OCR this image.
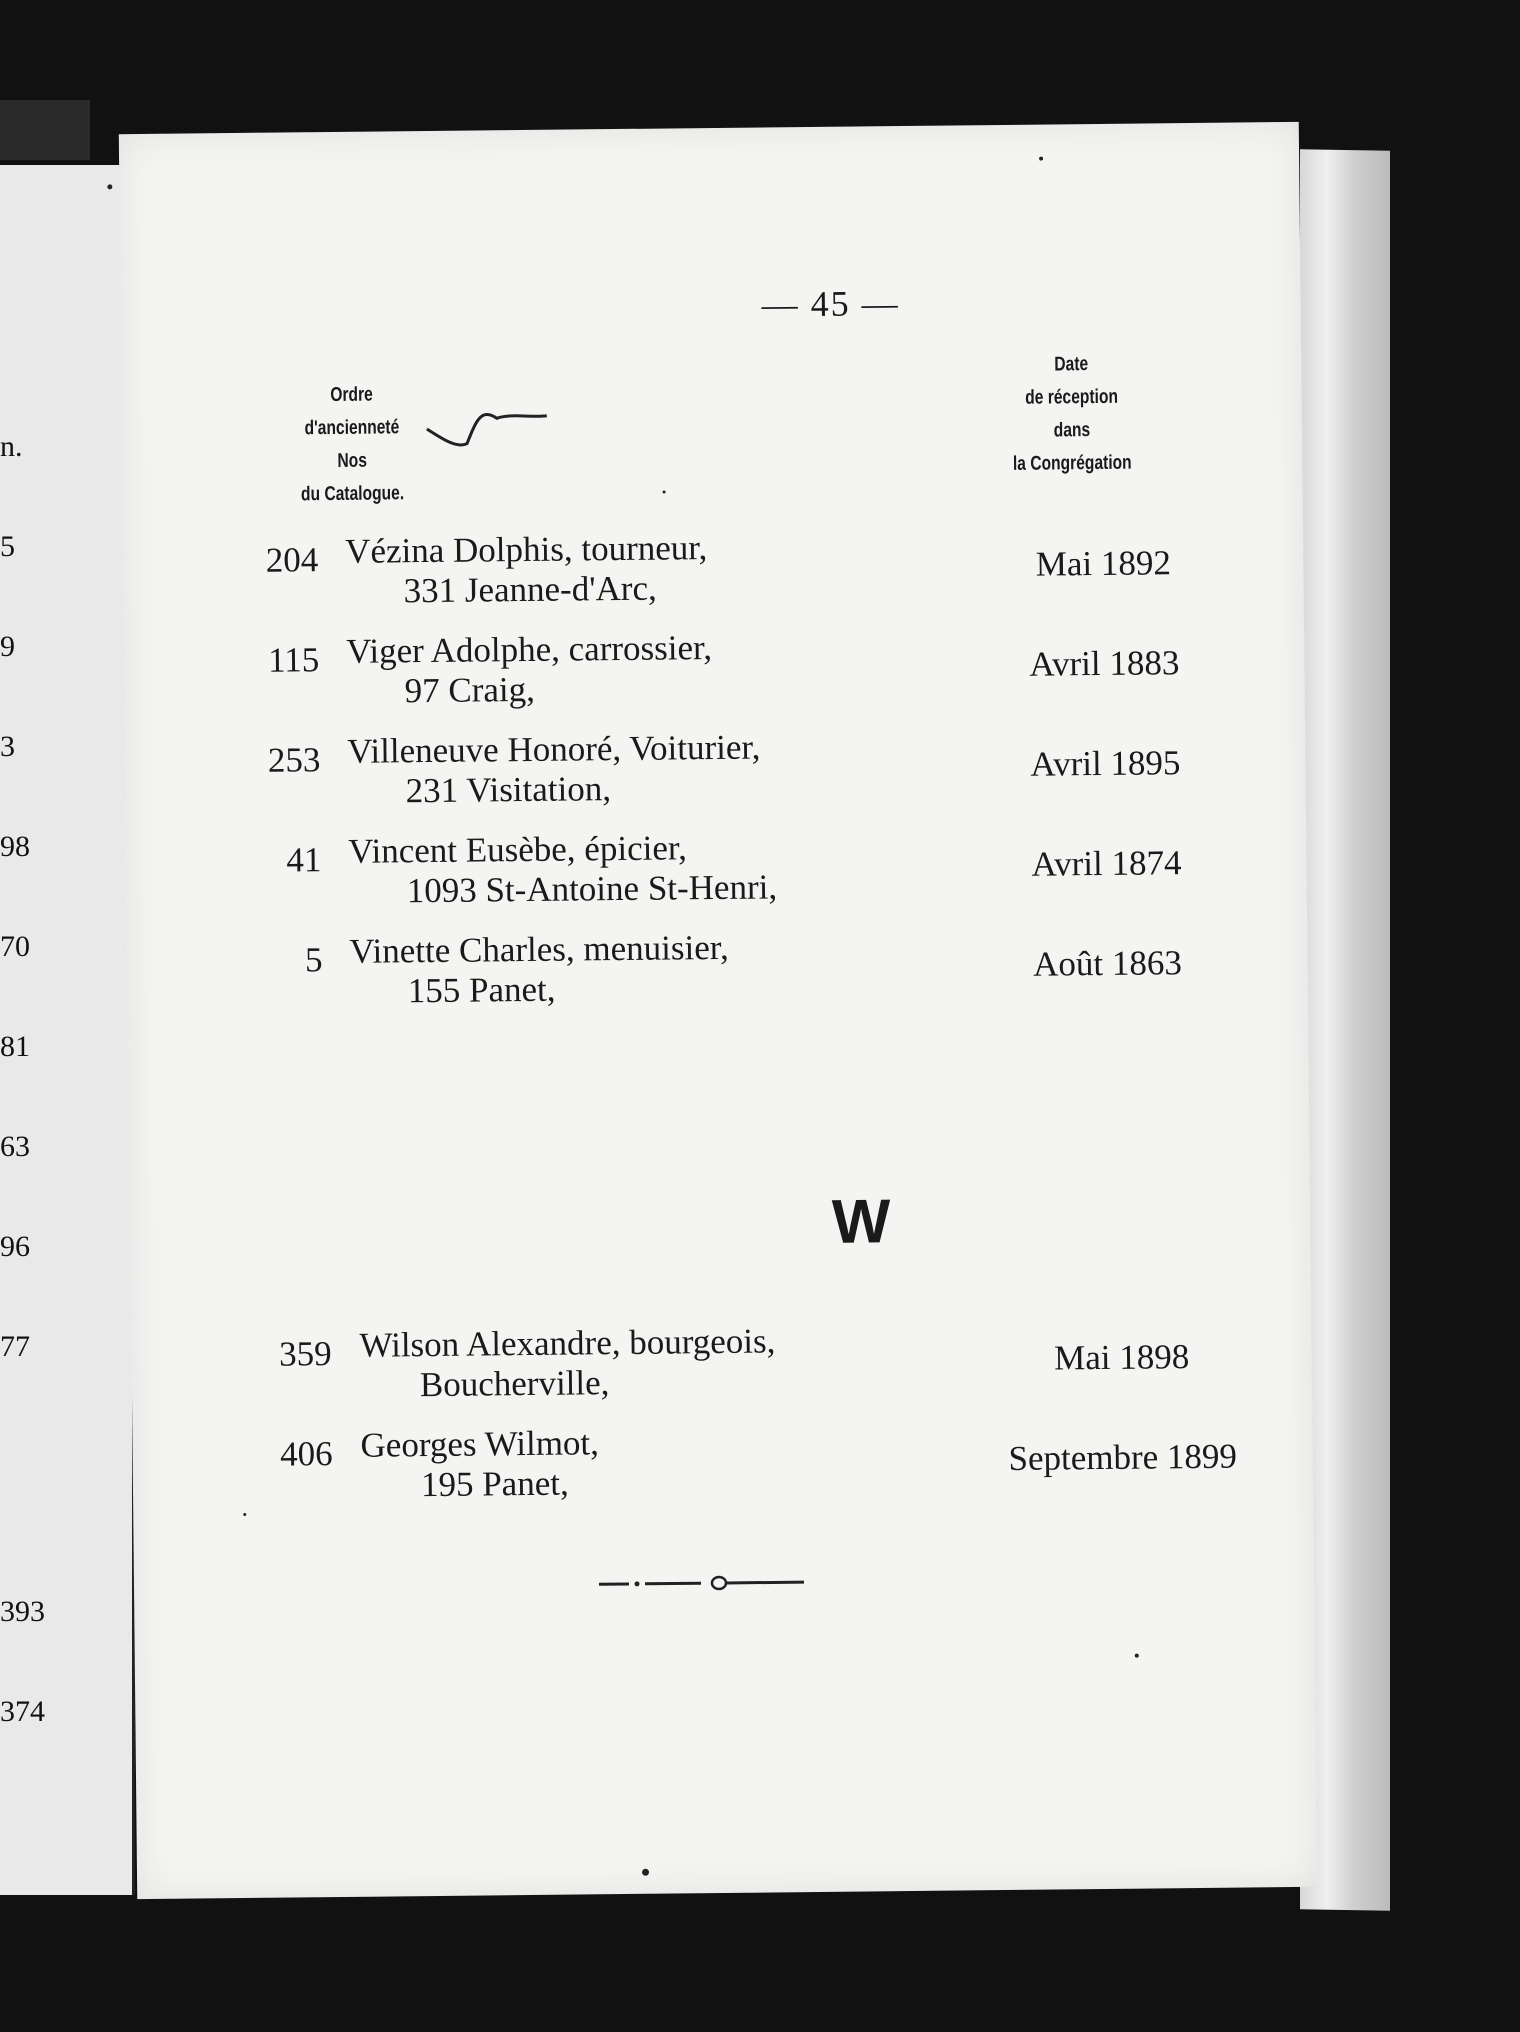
n.
5
9
3
98
70
81
63
96
77
393
374
— 45 —
Ordre
d'ancienneté
Nos
du Catalogue.
Date
de réception
dans
la Congrégation
204 Vézina Dolphis, tourneur,
331 Jeanne-d'Arc,
Mai 1892
115 Viger Adolphe, carrossier,
97 Craig,
Avril 1883
253 Villeneuve Honoré, Voiturier,
231 Visitation,
Avril 1895
41 Vincent Eusèbe, épicier,
1093 St-Antoine St-Henri,
Avril 1874
5 Vinette Charles, menuisier,
155 Panet,
Août 1863
W
359 Wilson Alexandre, bourgeois,
Boucherville,
Mai 1898
406 Georges Wilmot,
195 Panet,
Septembre 1899
